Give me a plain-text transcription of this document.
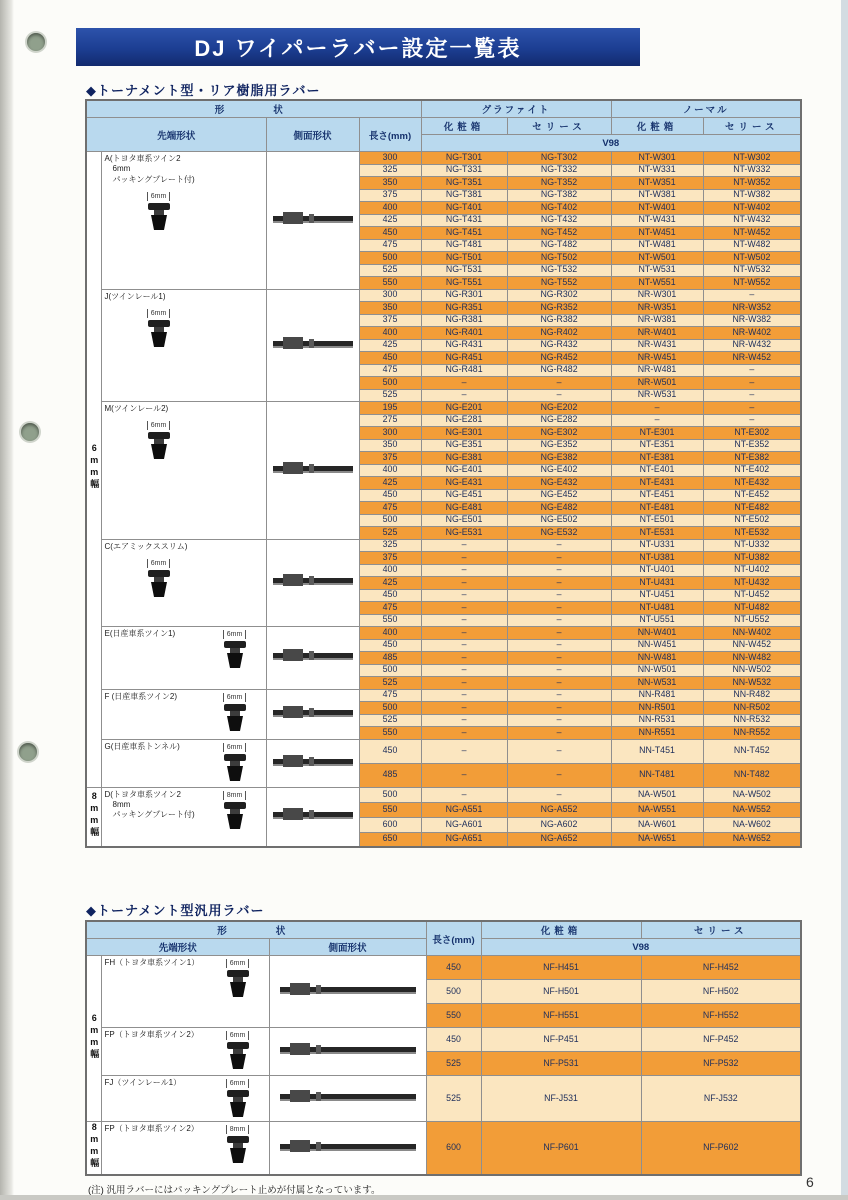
DJ ワイパーラバー設定一覧表
◆トーナメント型・リア樹脂用ラバー
形　　状				グラファイト		ノーマル	
先端形状		側面形状	長さ(mm)	化粧箱	セリース	化粧箱	セリース
				V98			
6mm幅	A(トヨタ車系ツイン2
　6mm
　パッキングプレート付)
6mm		300	NG-T301	NG-T302	NT-W301	NT-W302
			325	NG-T331	NG-T332	NT-W331	NT-W332
			350	NG-T351	NG-T352	NT-W351	NT-W352
			375	NG-T381	NG-T382	NT-W381	NT-W382
			400	NG-T401	NG-T402	NT-W401	NT-W402
			425	NG-T431	NG-T432	NT-W431	NT-W432
			450	NG-T451	NG-T452	NT-W451	NT-W452
			475	NG-T481	NG-T482	NT-W481	NT-W482
			500	NG-T501	NG-T502	NT-W501	NT-W502
			525	NG-T531	NG-T532	NT-W531	NT-W532
			550	NG-T551	NG-T552	NT-W551	NT-W552

	J(ツインレール1)
6mm		300	NG-R301	NG-R302	NR-W301	–
			350	NG-R351	NG-R352	NR-W351	NR-W352
			375	NG-R381	NG-R382	NR-W381	NR-W382
			400	NG-R401	NG-R402	NR-W401	NR-W402
			425	NG-R431	NG-R432	NR-W431	NR-W432
			450	NG-R451	NG-R452	NR-W451	NR-W452
			475	NG-R481	NG-R482	NR-W481	–
			500	–	–	NR-W501	–
			525	–	–	NR-W531	–

	M(ツインレール2)
6mm		195	NG-E201	NG-E202	–	–
			275	NG-E281	NG-E282	–	–
			300	NG-E301	NG-E302	NT-E301	NT-E302
			350	NG-E351	NG-E352	NT-E351	NT-E352
			375	NG-E381	NG-E382	NT-E381	NT-E382
			400	NG-E401	NG-E402	NT-E401	NT-E402
			425	NG-E431	NG-E432	NT-E431	NT-E432
			450	NG-E451	NG-E452	NT-E451	NT-E452
			475	NG-E481	NG-E482	NT-E481	NT-E482
			500	NG-E501	NG-E502	NT-E501	NT-E502
			525	NG-E531	NG-E532	NT-E531	NT-E532

	C(エアミックススリム)
6mm		325	–	–	NT-U331	NT-U332
			375	–	–	NT-U381	NT-U382
			400	–	–	NT-U401	NT-U402
			425	–	–	NT-U431	NT-U432
			450	–	–	NT-U451	NT-U452
			475	–	–	NT-U481	NT-U482
			550	–	–	NT-U551	NT-U552

	E(日産車系ツイン1) 6mm		400	–	–	NN-W401	NN-W402
			450	–	–	NN-W451	NN-W452
			485	–	–	NN-W481	NN-W482
			500	–	–	NN-W501	NN-W502
			525	–	–	NN-W531	NN-W532

	F (日産車系ツイン2) 6mm		475	–	–	NN-R481	NN-R482
			500	–	–	NN-R501	NN-R502
			525	–	–	NN-R531	NN-R532
			550	–	–	NN-R551	NN-R552

	G(日産車系トンネル) 6mm		450	–	–	NN-T451	NN-T452
			485	–	–	NN-T481	NN-T482
8mm幅	D(トヨタ車系ツイン2
　8mm
　パッキングプレート付)
8mm		500	–	–	NA-W501	NA-W502
			550	NG-A551	NG-A552	NA-W551	NA-W552
			600	NG-A601	NG-A602	NA-W601	NA-W602
			650	NG-A651	NG-A652	NA-W651	NA-W652
◆トーナメント型汎用ラバー
形　　状			長さ(mm)	化粧箱	セリース
先端形状		側面形状		V98	
6mm幅	FH（トヨタ車系ツイン1） 6mm		450	NF-H451	NF-H452
			500	NF-H501	NF-H502
			550	NF-H551	NF-H552

	FP（トヨタ車系ツイン2） 6mm		450	NF-P451	NF-P452
			525	NF-P531	NF-P532

	FJ（ツインレール1） 6mm		525	NF-J531	NF-J532
8mm幅	FP（トヨタ車系ツイン2） 8mm		600	NF-P601	NF-P602
(注) 汎用ラバーにはパッキングプレート止めが付属となっています。
6
